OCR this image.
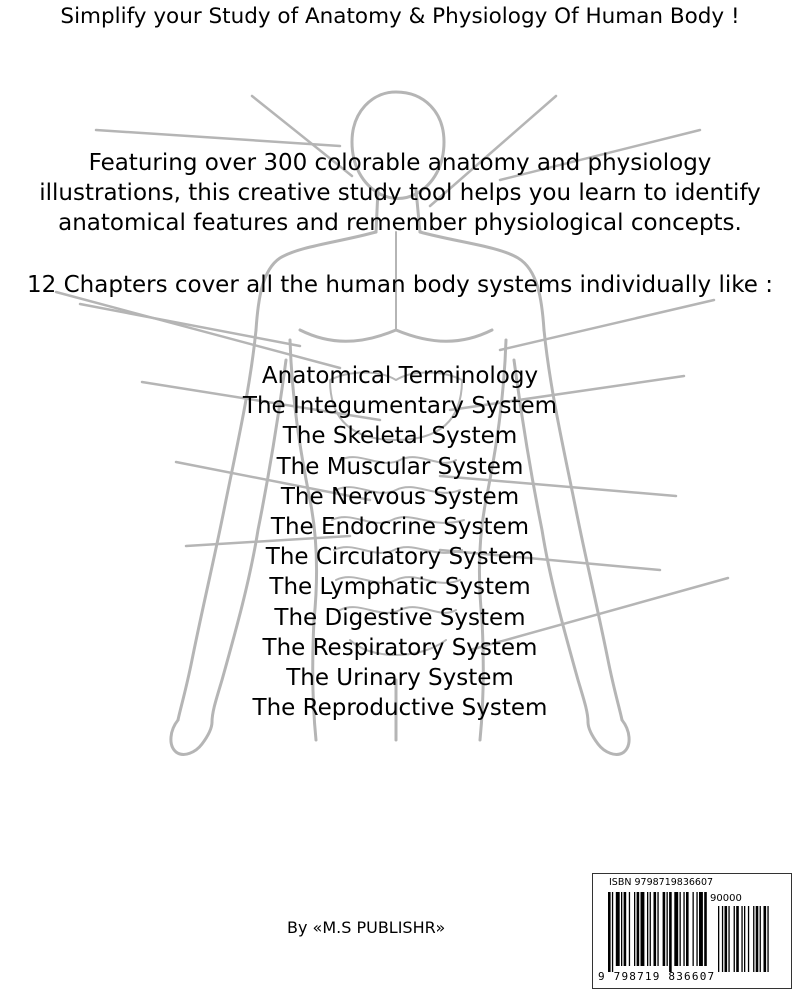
Simplify your Study of Anatomy & Physiology Of Human Body !
Featuring over 300 colorable anatomy and physiology illustrations, this creative study tool helps you learn to identify anatomical features and remember physiological concepts.
12 Chapters cover all the human body systems individually like :
Anatomical Terminology
The Integumentary System
The Skeletal System
The Muscular System
The Nervous System
The Endocrine System
The Circulatory System
The Lymphatic System
The Digestive System
The Respiratory System
The Urinary System
The Reproductive System
By «M.S PUBLISHR»
ISBN 9798719836607
90000
9 798719 836607
